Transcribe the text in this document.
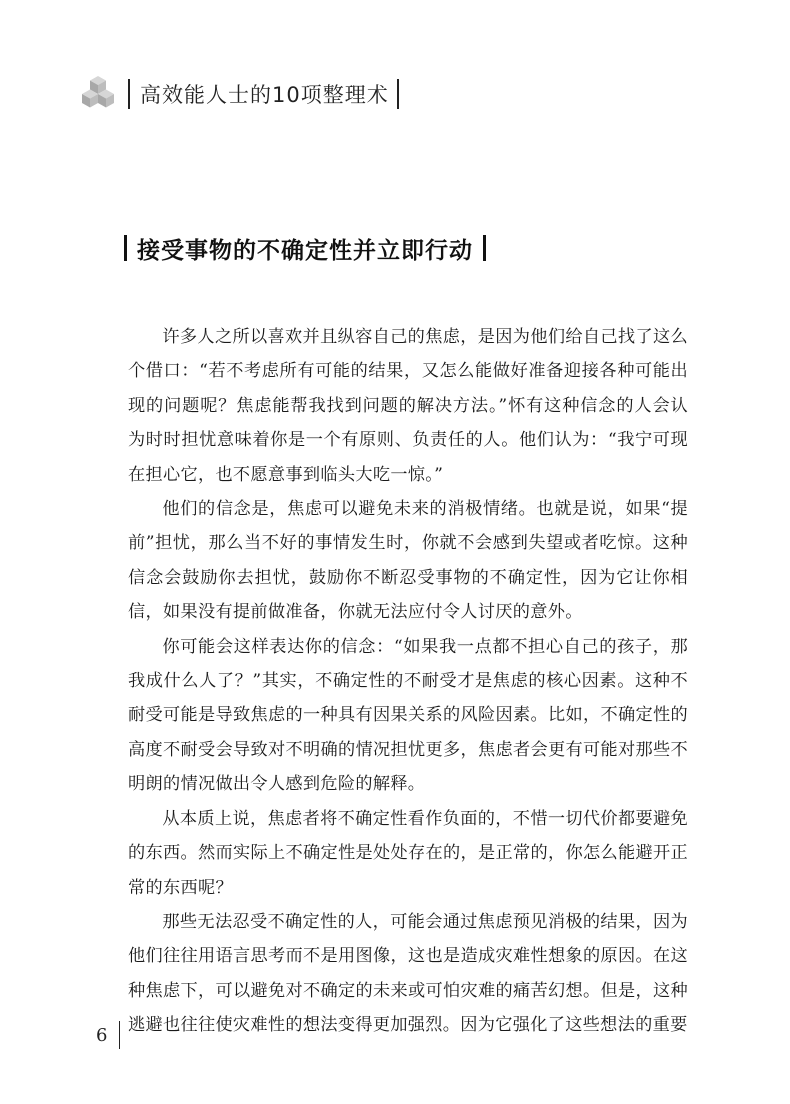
高效能人士的10项整理术
接受事物的不确定性并立即行动

许多人之所以喜欢并且纵容自己的焦虑，是因为他们给自己找了这么个借口：“若不考虑所有可能的结果，又怎么能做好准备迎接各种可能出现的问题呢？焦虑能帮我找到问题的解决方法。”怀有这种信念的人会认为时时担忧意味着你是一个有原则、负责任的人。他们认为：“我宁可现在担心它，也不愿意事到临头大吃一惊。”

他们的信念是，焦虑可以避免未来的消极情绪。也就是说，如果“提前”担忧，那么当不好的事情发生时，你就不会感到失望或者吃惊。这种信念会鼓励你去担忧，鼓励你不断忍受事物的不确定性，因为它让你相信，如果没有提前做准备，你就无法应付令人讨厌的意外。

你可能会这样表达你的信念：“如果我一点都不担心自己的孩子，那我成什么人了？”其实，不确定性的不耐受才是焦虑的核心因素。这种不耐受可能是导致焦虑的一种具有因果关系的风险因素。比如，不确定性的高度不耐受会导致对不明确的情况担忧更多，焦虑者会更有可能对那些不明朗的情况做出令人感到危险的解释。

从本质上说，焦虑者将不确定性看作负面的，不惜一切代价都要避免的东西。然而实际上不确定性是处处存在的，是正常的，你怎么能避开正常的东西呢？

那些无法忍受不确定性的人，可能会通过焦虑预见消极的结果，因为他们往往用语言思考而不是用图像，这也是造成灾难性想象的原因。在这种焦虑下，可以避免对不确定的未来或可怕灾难的痛苦幻想。但是，这种逃避也往往使灾难性的想法变得更加强烈。因为它强化了这些想法的重要

6
